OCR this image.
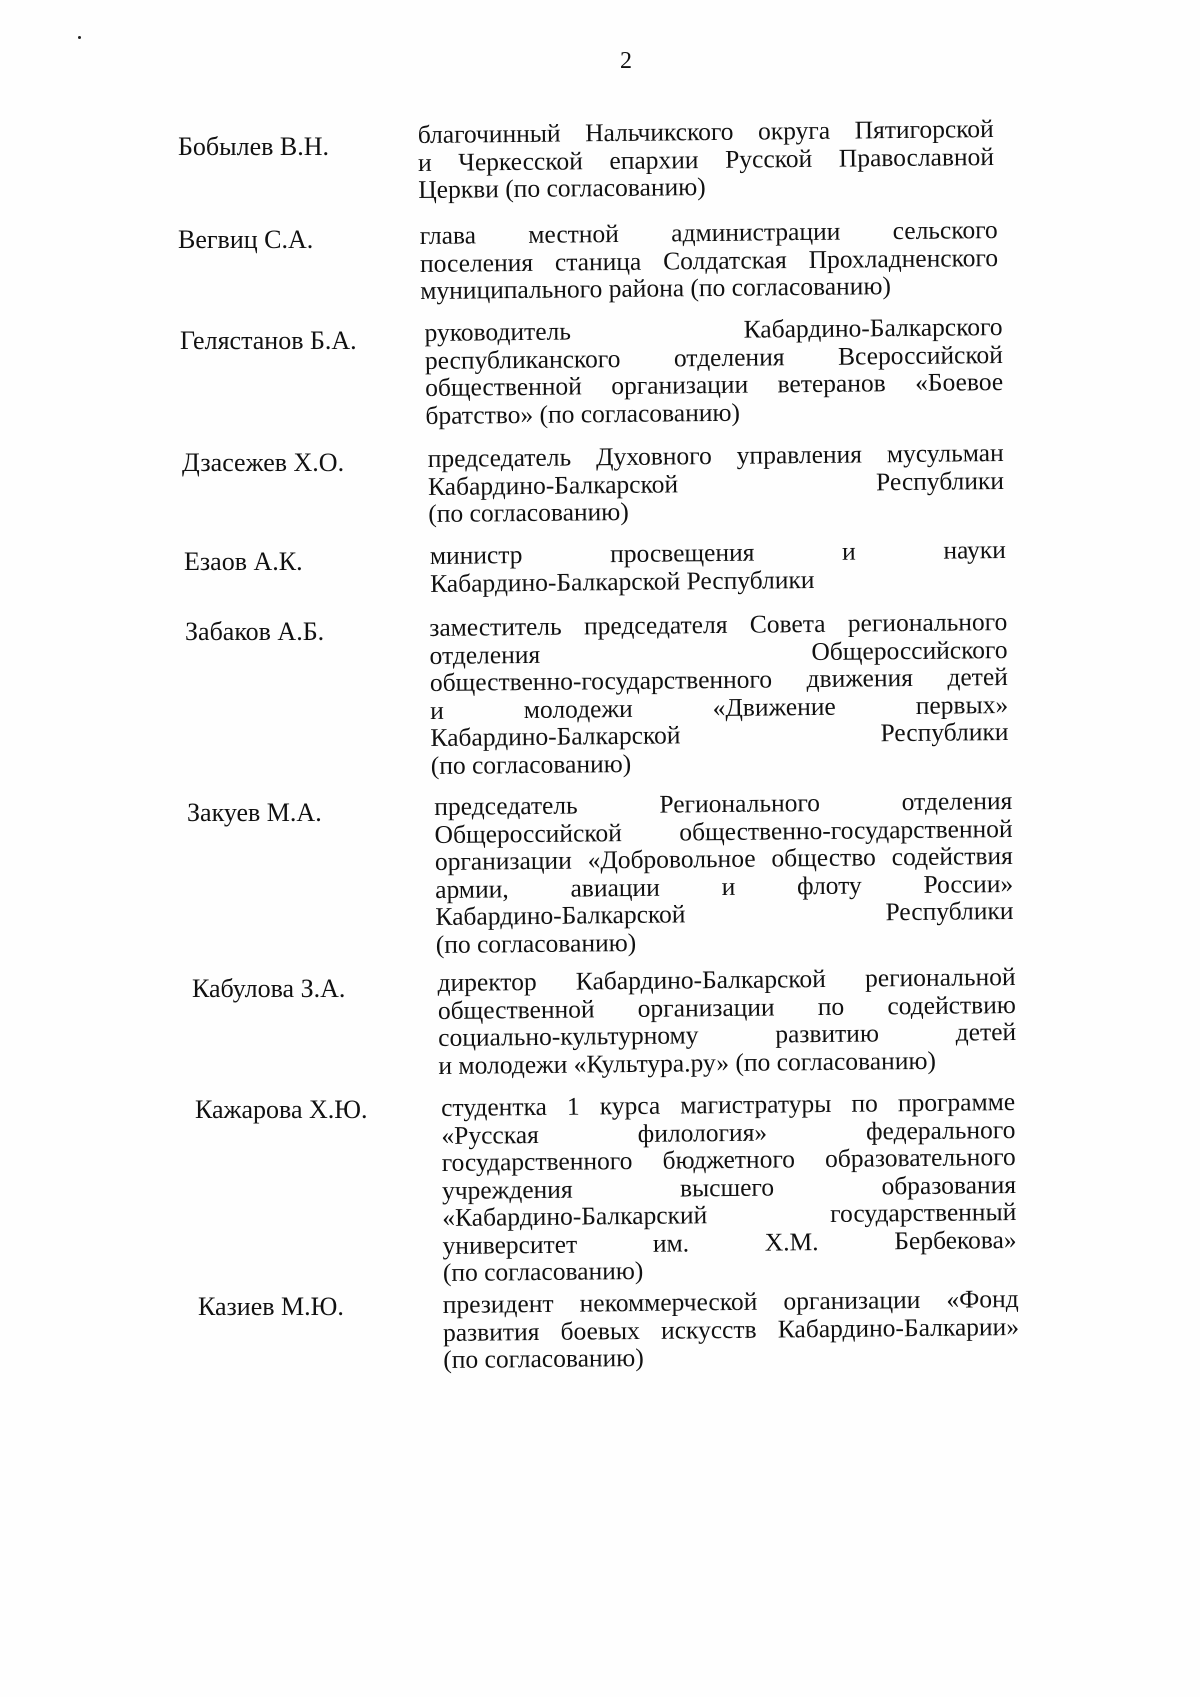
2
Бобылев В.Н.	благочинный Нальчикского округа Пятигорской
и Черкесской епархии Русской Православной
Церкви (по согласованию)
Вегвиц С.А.	глава местной администрации сельского
поселения станица Солдатская Прохладненского
муниципального района (по согласованию)
Гелястанов Б.А.	руководитель Кабардино-Балкарского
республиканского отделения Всероссийской
общественной организации ветеранов «Боевое
братство» (по согласованию)
Дзасежев Х.О.	председатель Духовного управления мусульман
Кабардино-Балкарской Республики
(по согласованию)
Езаов А.К.	министр просвещения и науки
Кабардино-Балкарской Республики
Забаков А.Б.	заместитель председателя Совета регионального
отделения Общероссийского
общественно-государственного движения детей
и молодежи «Движение первых»
Кабардино-Балкарской Республики
(по согласованию)
Закуев М.А.	председатель Регионального отделения
Общероссийской общественно-государственной
организации «Добровольное общество содействия
армии, авиации и флоту России»
Кабардино-Балкарской Республики
(по согласованию)
Кабулова З.А.	директор Кабардино-Балкарской региональной
общественной организации по содействию
социально-культурному развитию детей
и молодежи «Культура.ру» (по согласованию)
Кажарова Х.Ю.	студентка 1 курса магистратуры по программе
«Русская филология» федерального
государственного бюджетного образовательного
учреждения высшего образования
«Кабардино-Балкарский государственный
университет им. Х.М. Бербекова»
(по согласованию)
Казиев М.Ю.	президент некоммерческой организации «Фонд
развития боевых искусств Кабардино-Балкарии»
(по согласованию)
